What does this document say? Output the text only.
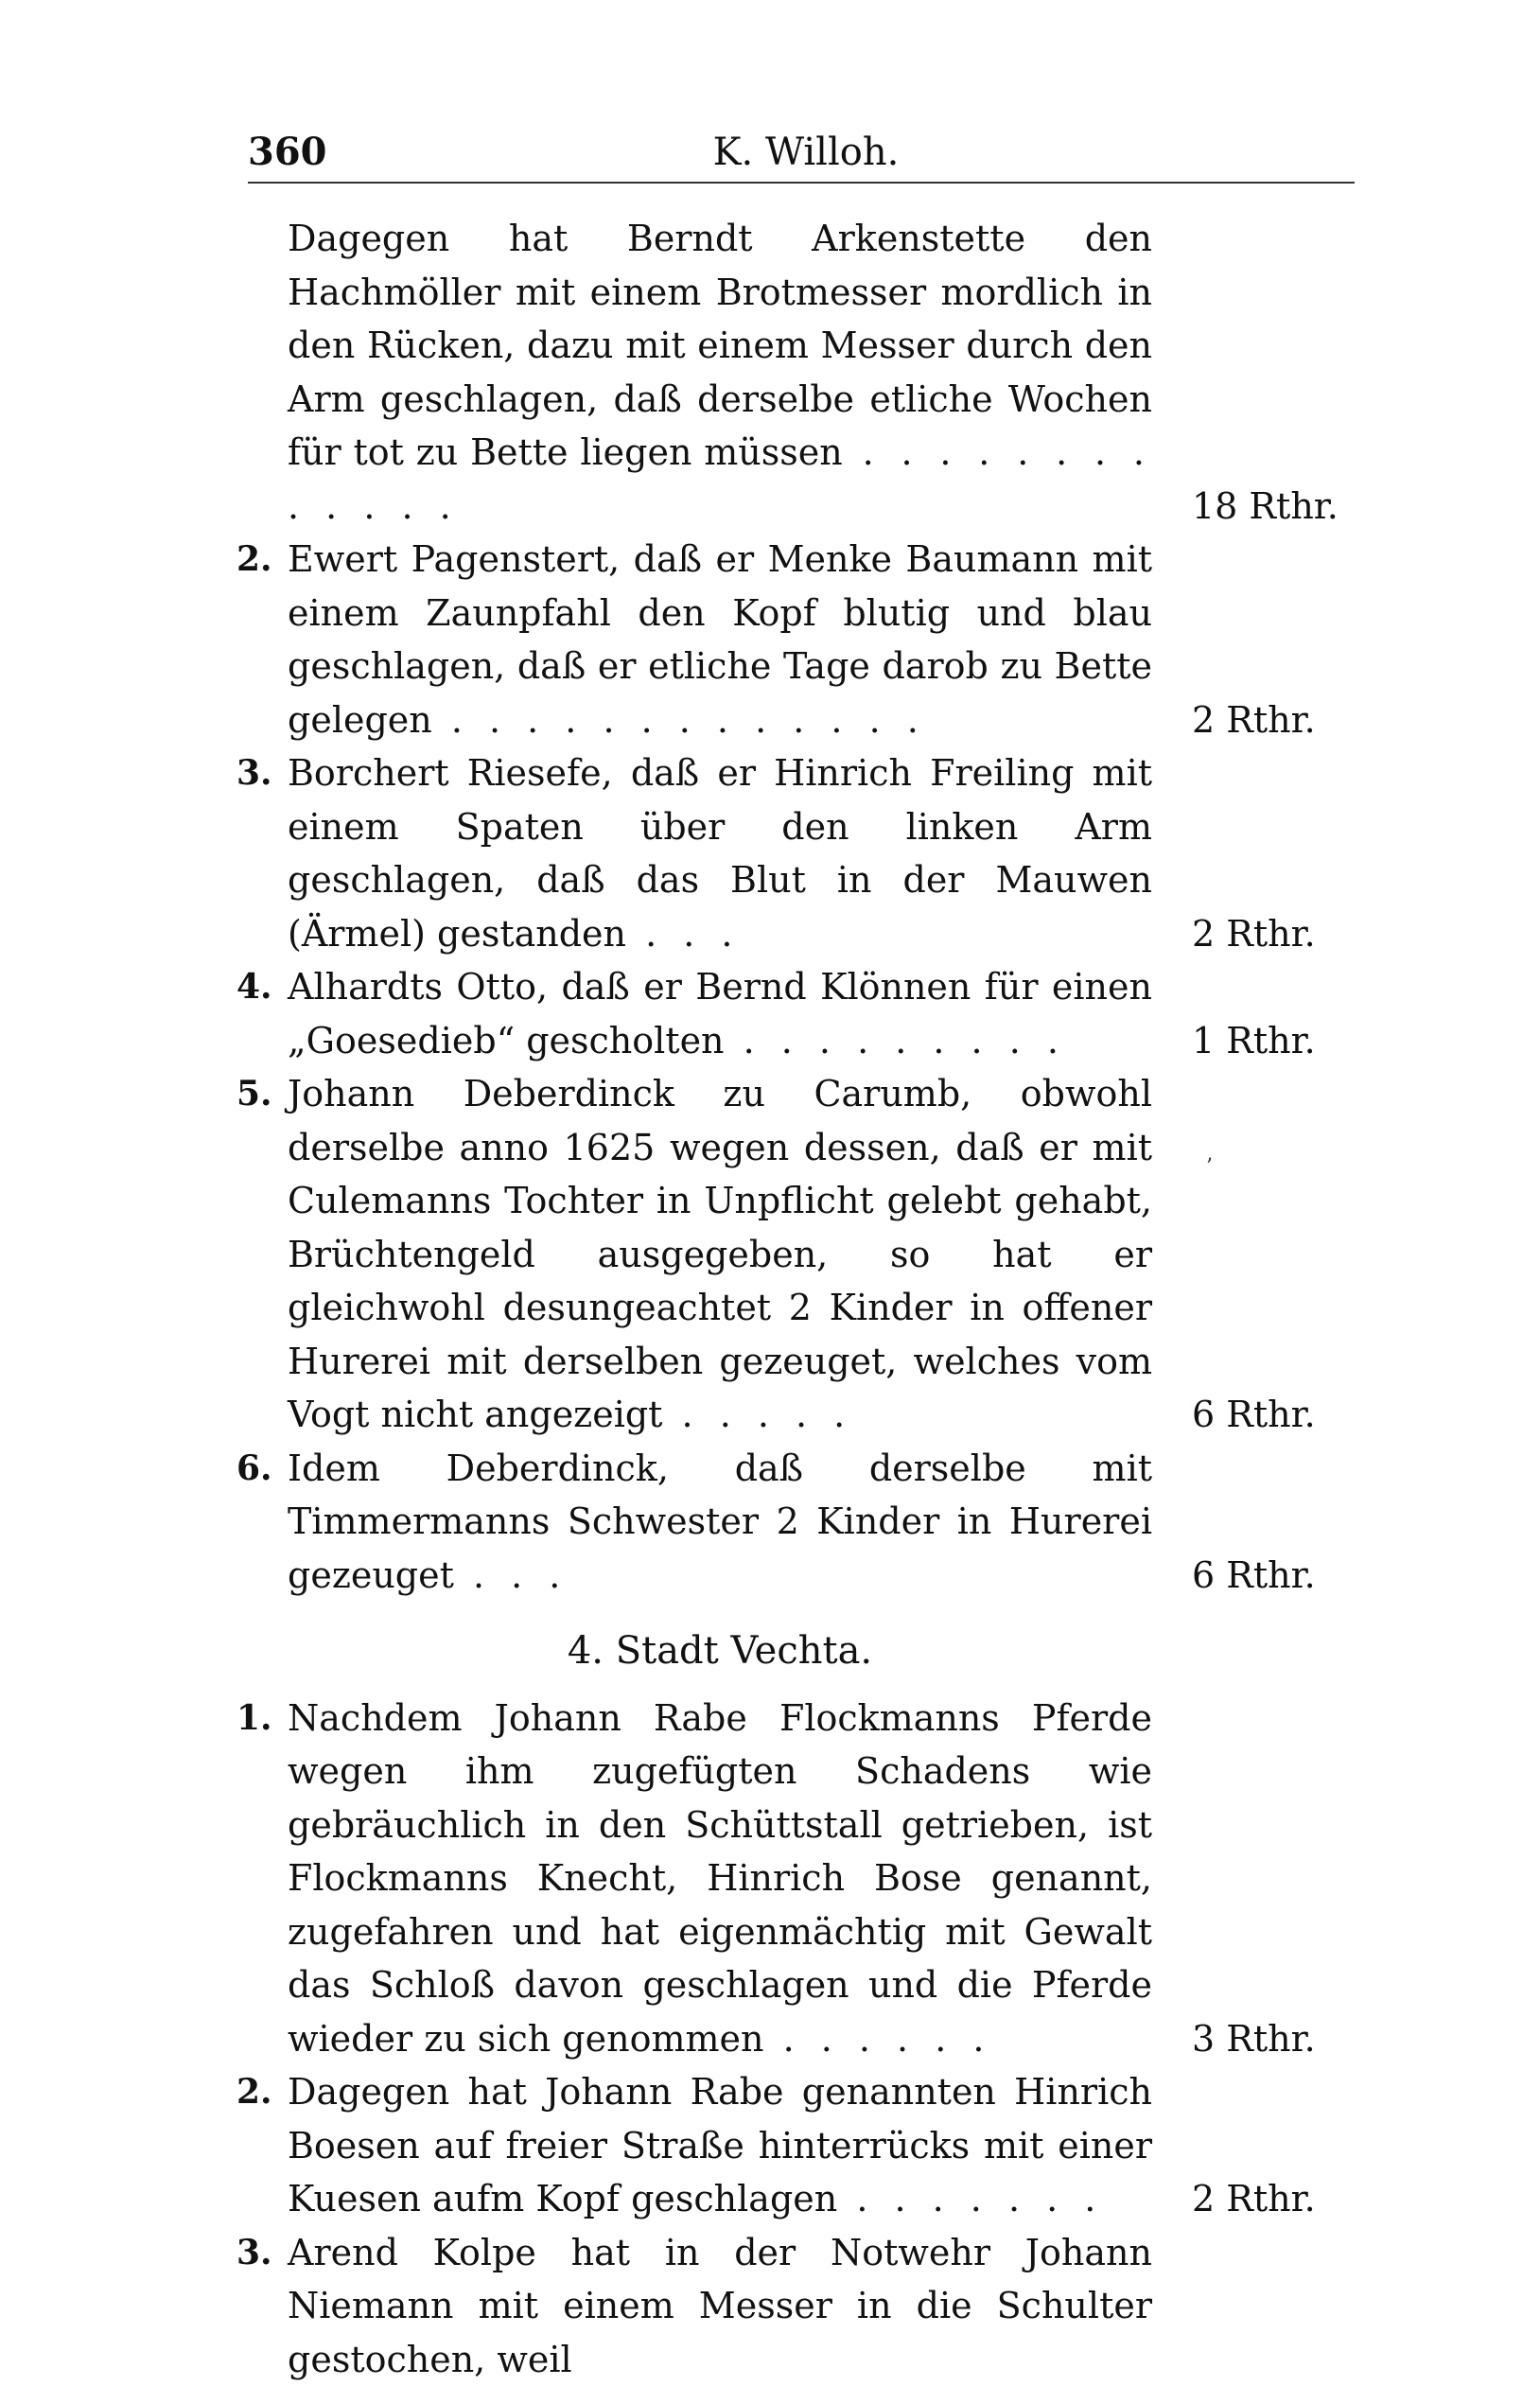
360	K. Willoh.
Dagegen hat Berndt Arkenstette den Hachmöller mit einem Brotmesser mordlich in den Rücken, dazu mit einem Messer durch den Arm geschlagen, daß derselbe etliche Wochen für tot zu Bette liegen müssen . . . . . . . . . . . . .	18 Rthr.
2. Ewert Pagenstert, daß er Menke Baumann mit einem Zaunpfahl den Kopf blutig und blau geschlagen, daß er etliche Tage darob zu Bette gelegen . . . . . . . . . . . . .	2 Rthr.
3. Borchert Riesefe, daß er Hinrich Freiling mit einem Spaten über den linken Arm geschlagen, daß das Blut in der Mauwen (Ärmel) gestanden . . .	2 Rthr.
4. Alhardts Otto, daß er Bernd Klönnen für einen „Goesedieb“ gescholten . . . . . . . . .	1 Rthr.
5. Johann Deberdinck zu Carumb, obwohl derselbe anno 1625 wegen dessen, daß er mit Culemanns Tochter in Unpflicht gelebt gehabt, Brüchtengeld ausgegeben, so hat er gleichwohl desungeachtet 2 Kinder in offener Hurerei mit derselben gezeuget, welches vom Vogt nicht angezeigt . . . . .	6 Rthr.
6. Idem Deberdinck, daß derselbe mit Timmermanns Schwester 2 Kinder in Hurerei gezeuget . . .	6 Rthr.
4. Stadt Vechta.
1. Nachdem Johann Rabe Flockmanns Pferde wegen ihm zugefügten Schadens wie gebräuchlich in den Schüttstall getrieben, ist Flockmanns Knecht, Hinrich Bose genannt, zugefahren und hat eigenmächtig mit Gewalt das Schloß davon geschlagen und die Pferde wieder zu sich genommen . . . . . .	3 Rthr.
2. Dagegen hat Johann Rabe genannten Hinrich Boesen auf freier Straße hinterrücks mit einer Kuesen aufm Kopf geschlagen . . . . . . .	2 Rthr.
3. Arend Kolpe hat in der Notwehr Johann Niemann mit einem Messer in die Schulter gestochen, weil
’
